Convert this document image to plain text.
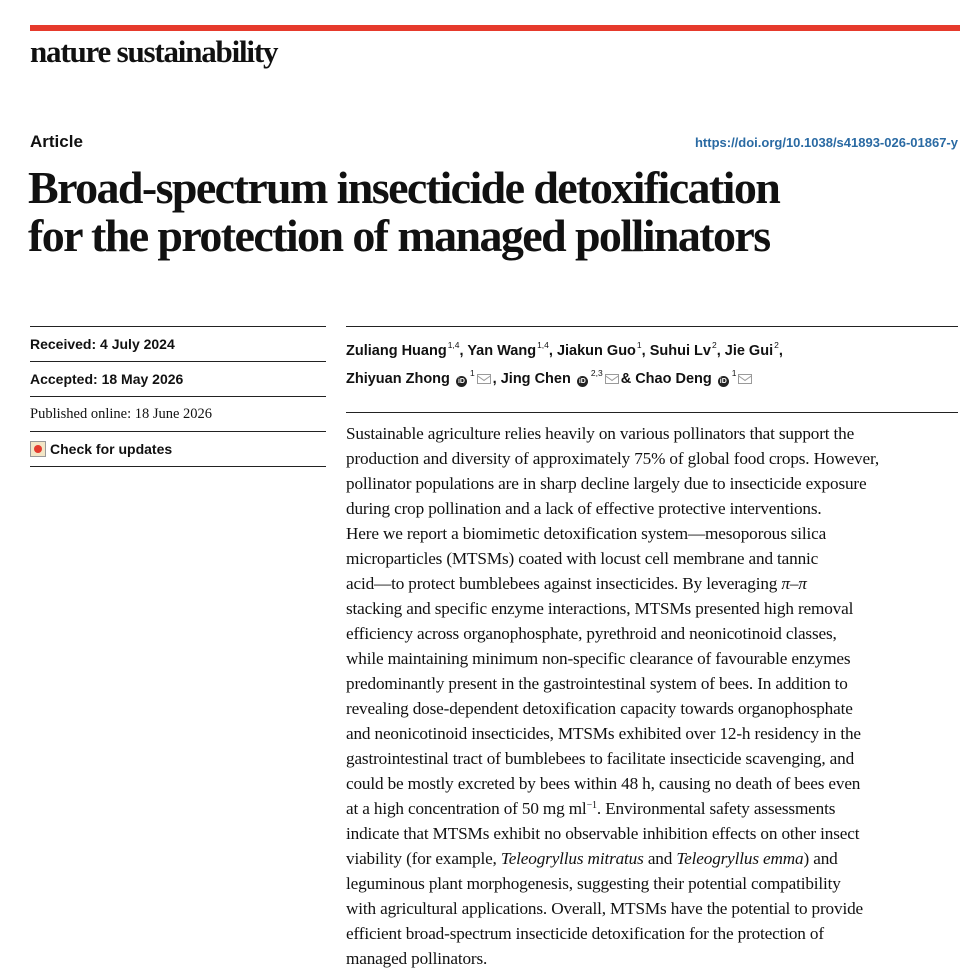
nature sustainability
Article	https://doi.org/10.1038/s41893-026-01867-y
Broad-spectrum insecticide detoxification
for the protection of managed pollinators
Received: 4 July 2024
Accepted: 18 May 2026
Published online: 18 June 2026
Check for updates
Zuliang Huang$^{1,4}$, Yan Wang$^{1,4}$, Jiakun Guo$^1$, Suhui Lv$^2$, Jie Gui$^2$,
Zhiyuan Zhong $iD^1$ , Jing Chen iD$^{2,3}$ & Chao Deng $iD^1$

Sustainable agriculture relies heavily on various pollinators that support the
production and diversity of approximately 75% of global food crops. However,
pollinator populations are in sharp decline largely due to insecticide exposure
during crop pollination and a lack of effective protective interventions.
Here we report a biomimetic detoxification system—mesoporous silica
microparticles (MTSMs) coated with locust cell membrane and tannic
acid—to protect bumblebees against insecticides. By leveraging π–π
stacking and specific enzyme interactions, MTSMs presented high removal
efficiency across organophosphate, pyrethroid and neonicotinoid classes,
while maintaining minimum non-specific clearance of favourable enzymes
predominantly present in the gastrointestinal system of bees. In addition to
revealing dose-dependent detoxification capacity towards organophosphate
and neonicotinoid insecticides, MTSMs exhibited over 12-h residency in the
gastrointestinal tract of bumblebees to facilitate insecticide scavenging, and
could be mostly excreted by bees within 48 h, causing no death of bees even
at a high concentration of 50 mg $ml^{-1}$. Environmental safety assessments
indicate that MTSMs exhibit no observable inhibition effects on other insect
viability (for example, Teleogryllus mitratus and Teleogryllus emma) and
leguminous plant morphogenesis, suggesting their potential compatibility
with agricultural applications. Overall, MTSMs have the potential to provide
efficient broad-spectrum insecticide detoxification for the protection of
managed pollinators.
